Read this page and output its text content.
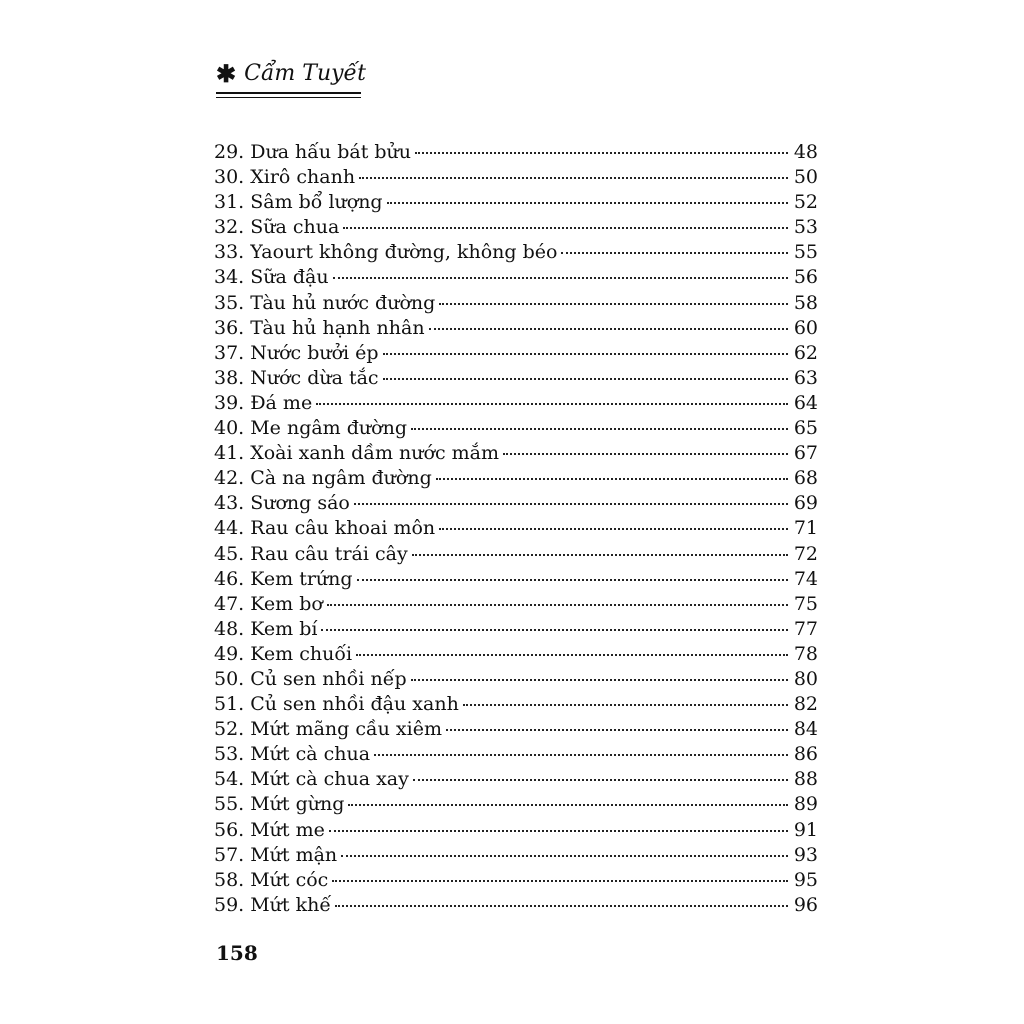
✱ Cẩm Tuyết
29. Dưa hấu bát bửu	48
30. Xirô chanh	50
31. Sâm bổ lượng	52
32. Sữa chua	53
33. Yaourt không đường, không béo	55
34. Sữa đậu	56
35. Tàu hủ nước đường	58
36. Tàu hủ hạnh nhân	60
37. Nước bưởi ép	62
38. Nước dừa tắc	63
39. Đá me	64
40. Me ngâm đường	65
41. Xoài xanh dầm nước mắm	67
42. Cà na ngâm đường	68
43. Sương sáo	69
44. Rau câu khoai môn	71
45. Rau câu trái cây	72
46. Kem trứng	74
47. Kem bơ	75
48. Kem bí	77
49. Kem chuối	78
50. Củ sen nhồi nếp	80
51. Củ sen nhồi đậu xanh	82
52. Mứt mãng cầu xiêm	84
53. Mứt cà chua	86
54. Mứt cà chua xay	88
55. Mứt gừng	89
56. Mứt me	91
57. Mứt mận	93
58. Mứt cóc	95
59. Mứt khế	96
158
